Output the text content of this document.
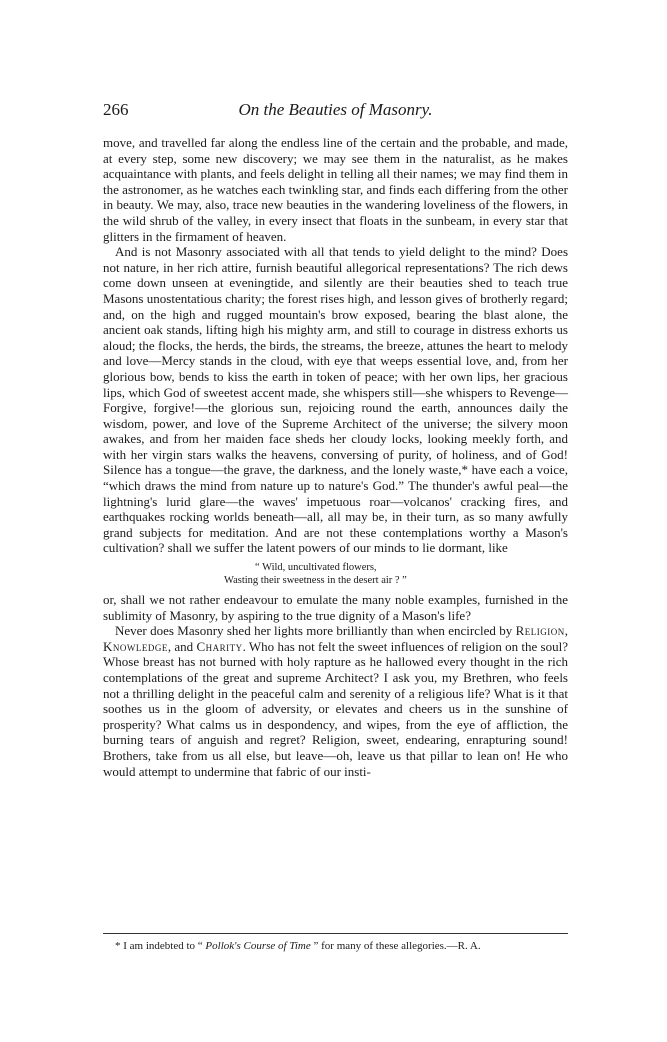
266	On the Beauties of Masonry.

move, and travelled far along the endless line of the certain and the probable, and made, at every step, some new discovery; we may see them in the naturalist, as he makes acquaintance with plants, and feels delight in telling all their names; we may find them in the astronomer, as he watches each twinkling star, and finds each differing from the other in beauty. We may, also, trace new beauties in the wandering loveliness of the flowers, in the wild shrub of the valley, in every insect that floats in the sunbeam, in every star that glitters in the firmament of heaven.

And is not Masonry associated with all that tends to yield delight to the mind? Does not nature, in her rich attire, furnish beautiful allegorical representations? The rich dews come down unseen at eveningtide, and silently are their beauties shed to teach true Masons unostentatious charity; the forest rises high, and lesson gives of brotherly regard; and, on the high and rugged mountain's brow exposed, bearing the blast alone, the ancient oak stands, lifting high his mighty arm, and still to courage in distress exhorts us aloud; the flocks, the herds, the birds, the streams, the breeze, attunes the heart to melody and love—Mercy stands in the cloud, with eye that weeps essential love, and, from her glorious bow, bends to kiss the earth in token of peace; with her own lips, her gracious lips, which God of sweetest accent made, she whispers still—she whispers to Revenge—Forgive, forgive!—the glorious sun, rejoicing round the earth, announces daily the wisdom, power, and love of the Supreme Architect of the universe; the silvery moon awakes, and from her maiden face sheds her cloudy locks, looking meekly forth, and with her virgin stars walks the heavens, conversing of purity, of holiness, and of God! Silence has a tongue—the grave, the darkness, and the lonely waste,* have each a voice, “which draws the mind from nature up to nature's God.” The thunder's awful peal—the lightning's lurid glare—the waves' impetuous roar—volcanos' cracking fires, and earthquakes rocking worlds beneath—all, all may be, in their turn, as so many awfully grand subjects for meditation. And are not these contemplations worthy a Mason's cultivation? shall we suffer the latent powers of our minds to lie dormant, like

“ Wild, uncultivated flowers,
Wasting their sweetness in the desert air ? ”

or, shall we not rather endeavour to emulate the many noble examples, furnished in the sublimity of Masonry, by aspiring to the true dignity of a Mason's life?

Never does Masonry shed her lights more brilliantly than when encircled by Religion, Knowledge, and Charity. Who has not felt the sweet influences of religion on the soul? Whose breast has not burned with holy rapture as he hallowed every thought in the rich contemplations of the great and supreme Architect? I ask you, my Brethren, who feels not a thrilling delight in the peaceful calm and serenity of a religious life? What is it that soothes us in the gloom of adversity, or elevates and cheers us in the sunshine of prosperity? What calms us in despondency, and wipes, from the eye of affliction, the burning tears of anguish and regret? Religion, sweet, endearing, enrapturing sound! Brothers, take from us all else, but leave—oh, leave us that pillar to lean on! He who would attempt to undermine that fabric of our insti-

* I am indebted to “ Pollok's Course of Time ” for many of these allegories.—R. A.
